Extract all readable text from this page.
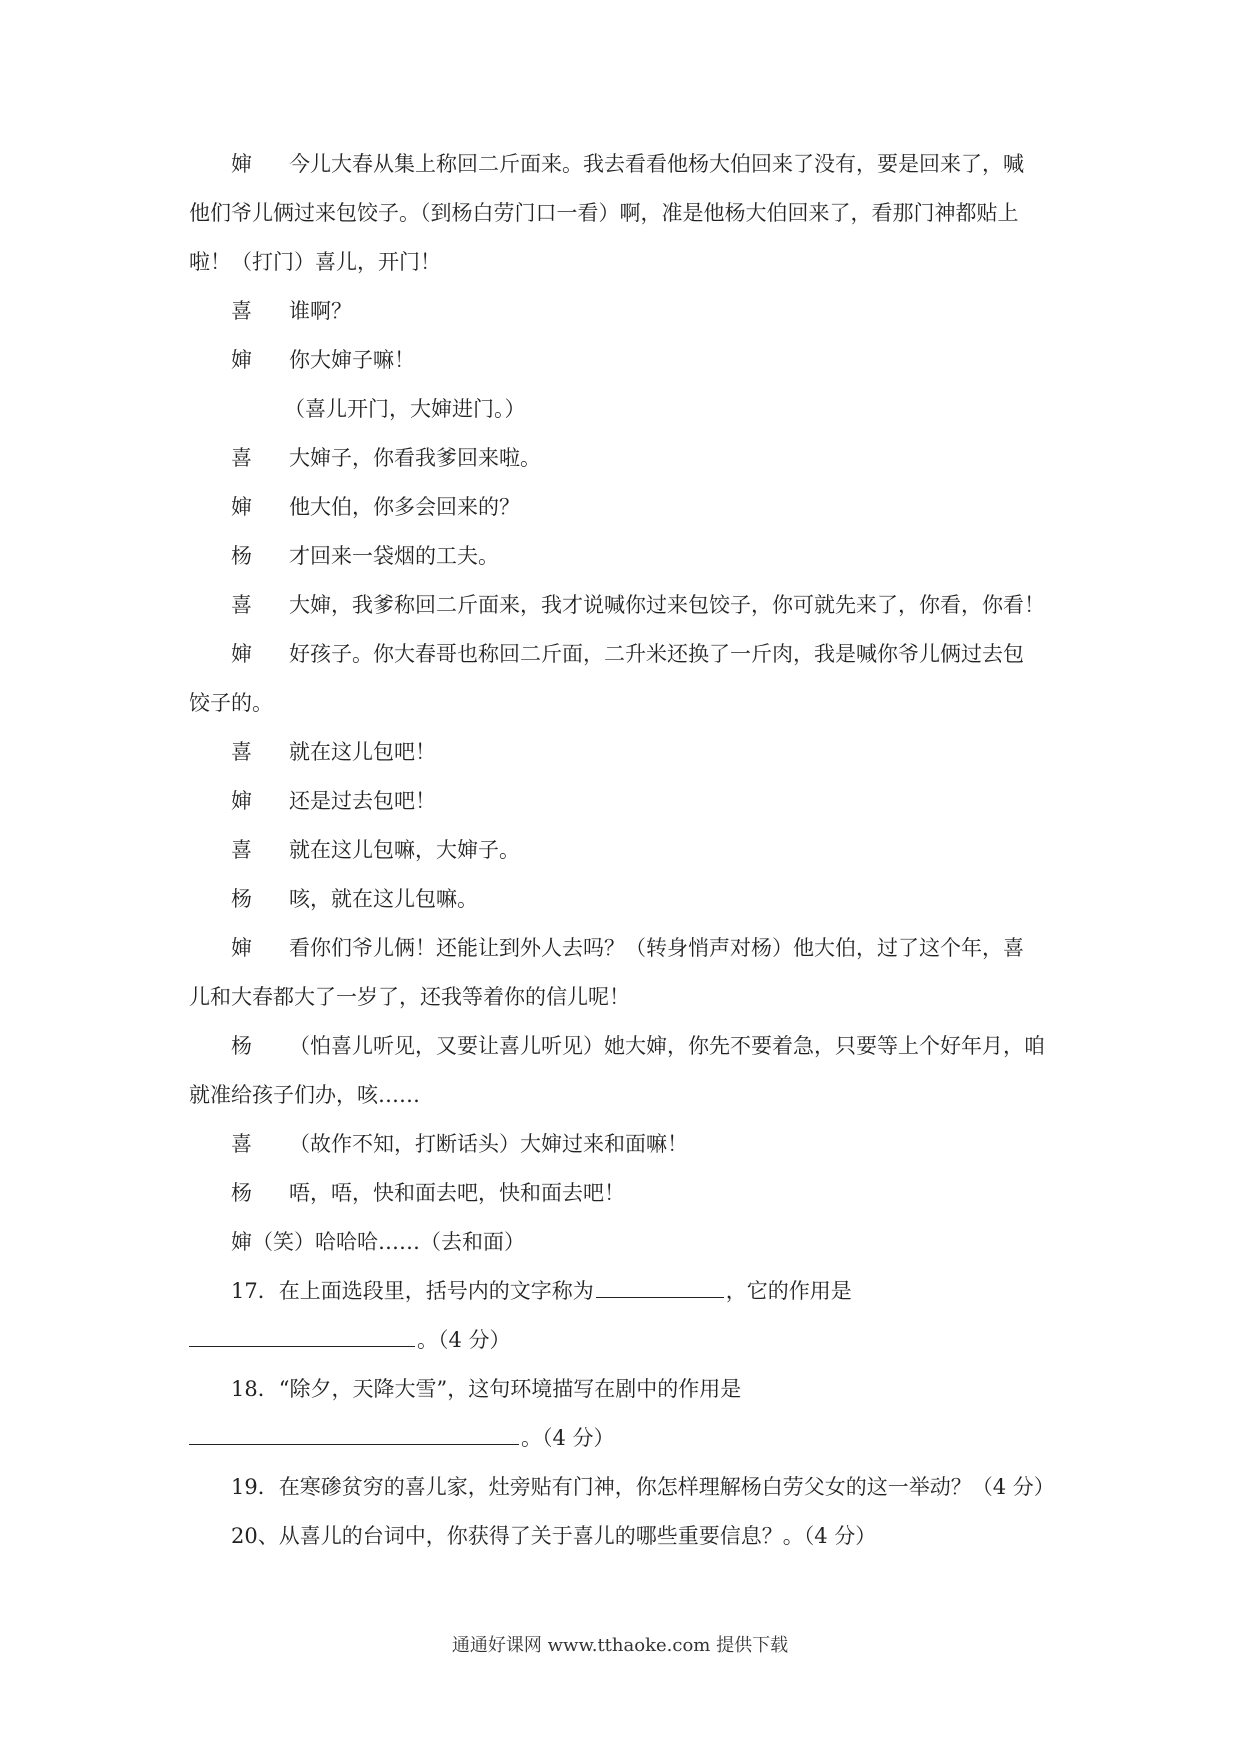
婶 今儿大春从集上称回二斤面来。我去看看他杨大伯回来了没有，要是回来了，喊

他们爷儿俩过来包饺子。（到杨白劳门口一看）啊，准是他杨大伯回来了，看那门神都贴上

啦！（打门）喜儿，开门！

喜 谁啊？

婶 你大婶子嘛！

（喜儿开门，大婶进门。）

喜 大婶子，你看我爹回来啦。

婶 他大伯，你多会回来的？

杨 才回来一袋烟的工夫。

喜 大婶，我爹称回二斤面来，我才说喊你过来包饺子，你可就先来了，你看，你看！

婶 好孩子。你大春哥也称回二斤面，二升米还换了一斤肉，我是喊你爷儿俩过去包

饺子的。

喜 就在这儿包吧！

婶 还是过去包吧！

喜 就在这儿包嘛，大婶子。

杨 咳，就在这儿包嘛。

婶 看你们爷儿俩！还能让到外人去吗？（转身悄声对杨）他大伯，过了这个年，喜

儿和大春都大了一岁了，还我等着你的信儿呢！

杨 （怕喜儿听见，又要让喜儿听见）她大婶，你先不要着急，只要等上个好年月，咱

就准给孩子们办，咳……

喜 （故作不知，打断话头）大婶过来和面嘛！

杨 唔，唔，快和面去吧，快和面去吧！

婶（笑）哈哈哈……（去和面）

17．在上面选段里，括号内的文字称为	，它的作用是

。（4 分）

18．“除夕，天降大雪”，这句环境描写在剧中的作用是

。（4 分）

19．在寒碜贫穷的喜儿家，灶旁贴有门神，你怎样理解杨白劳父女的这一举动？（4 分）

20、从喜儿的台词中，你获得了关于喜儿的哪些重要信息？。（4 分）

通通好课网 www.tthaoke.com 提供下载
